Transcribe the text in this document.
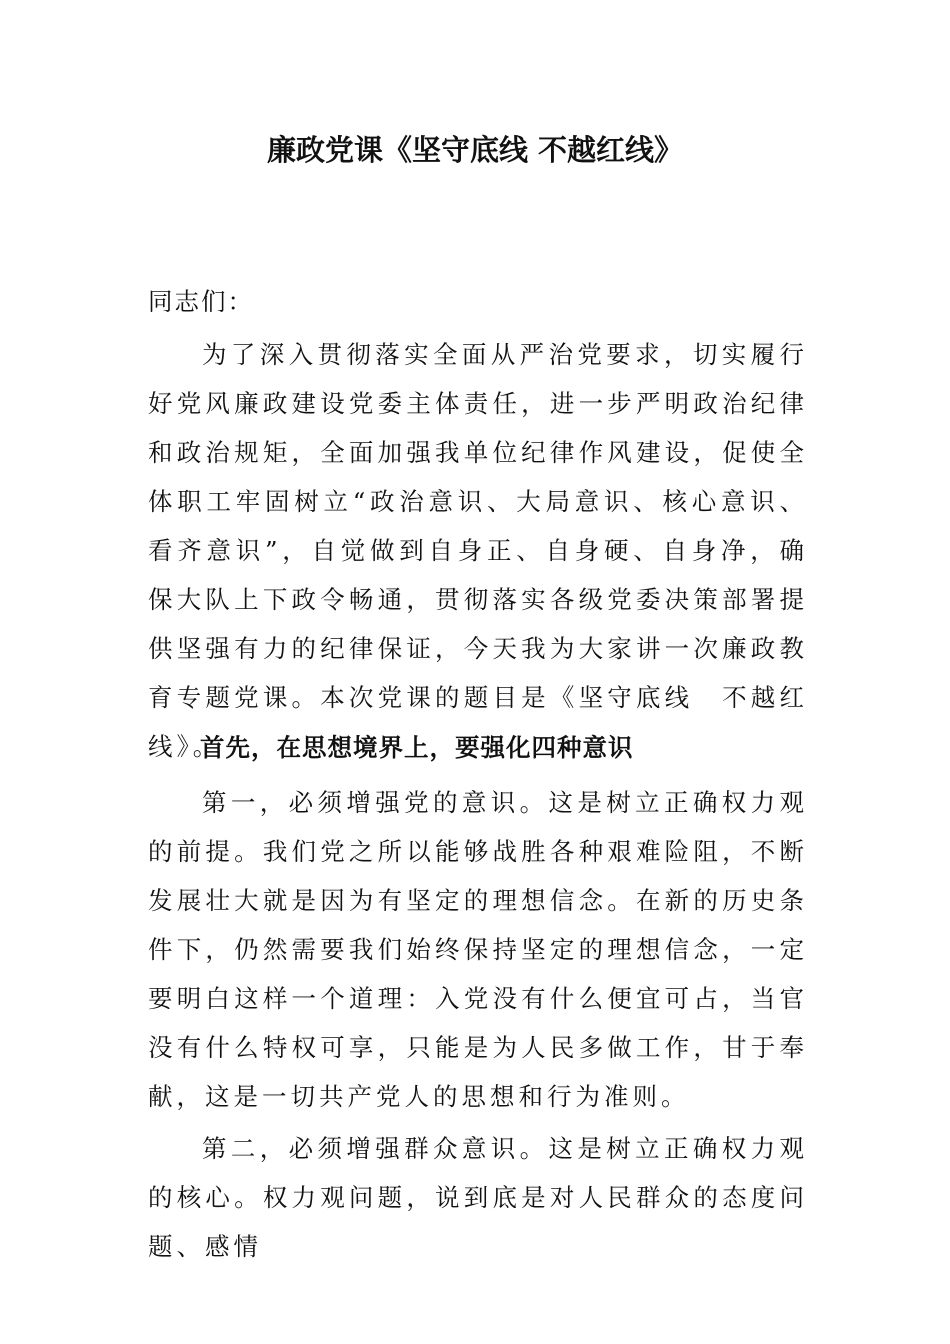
廉政党课《坚守底线 不越红线》
同志们：
为了深入贯彻落实全面从严治党要求，切实履行好党风廉政建设党委主体责任，进一步严明政治纪律和政治规矩，全面加强我单位纪律作风建设，促使全体职工牢固树立“政治意识、大局意识、核心意识、看齐意识”，自觉做到自身正、自身硬、自身净，确保大队上下政令畅通，贯彻落实各级党委决策部署提供坚强有力的纪律保证，今天我为大家讲一次廉政教育专题党课。本次党课的题目是《坚守底线　不越红线》。
首先，在思想境界上，要强化四种意识
第一，必须增强党的意识。这是树立正确权力观的前提。我们党之所以能够战胜各种艰难险阻，不断发展壮大就是因为有坚定的理想信念。在新的历史条件下，仍然需要我们始终保持坚定的理想信念，一定要明白这样一个道理：入党没有什么便宜可占，当官没有什么特权可享，只能是为人民多做工作，甘于奉献，这是一切共产党人的思想和行为准则。
第二，必须增强群众意识。这是树立正确权力观的核心。权力观问题，说到底是对人民群众的态度问题、感情
